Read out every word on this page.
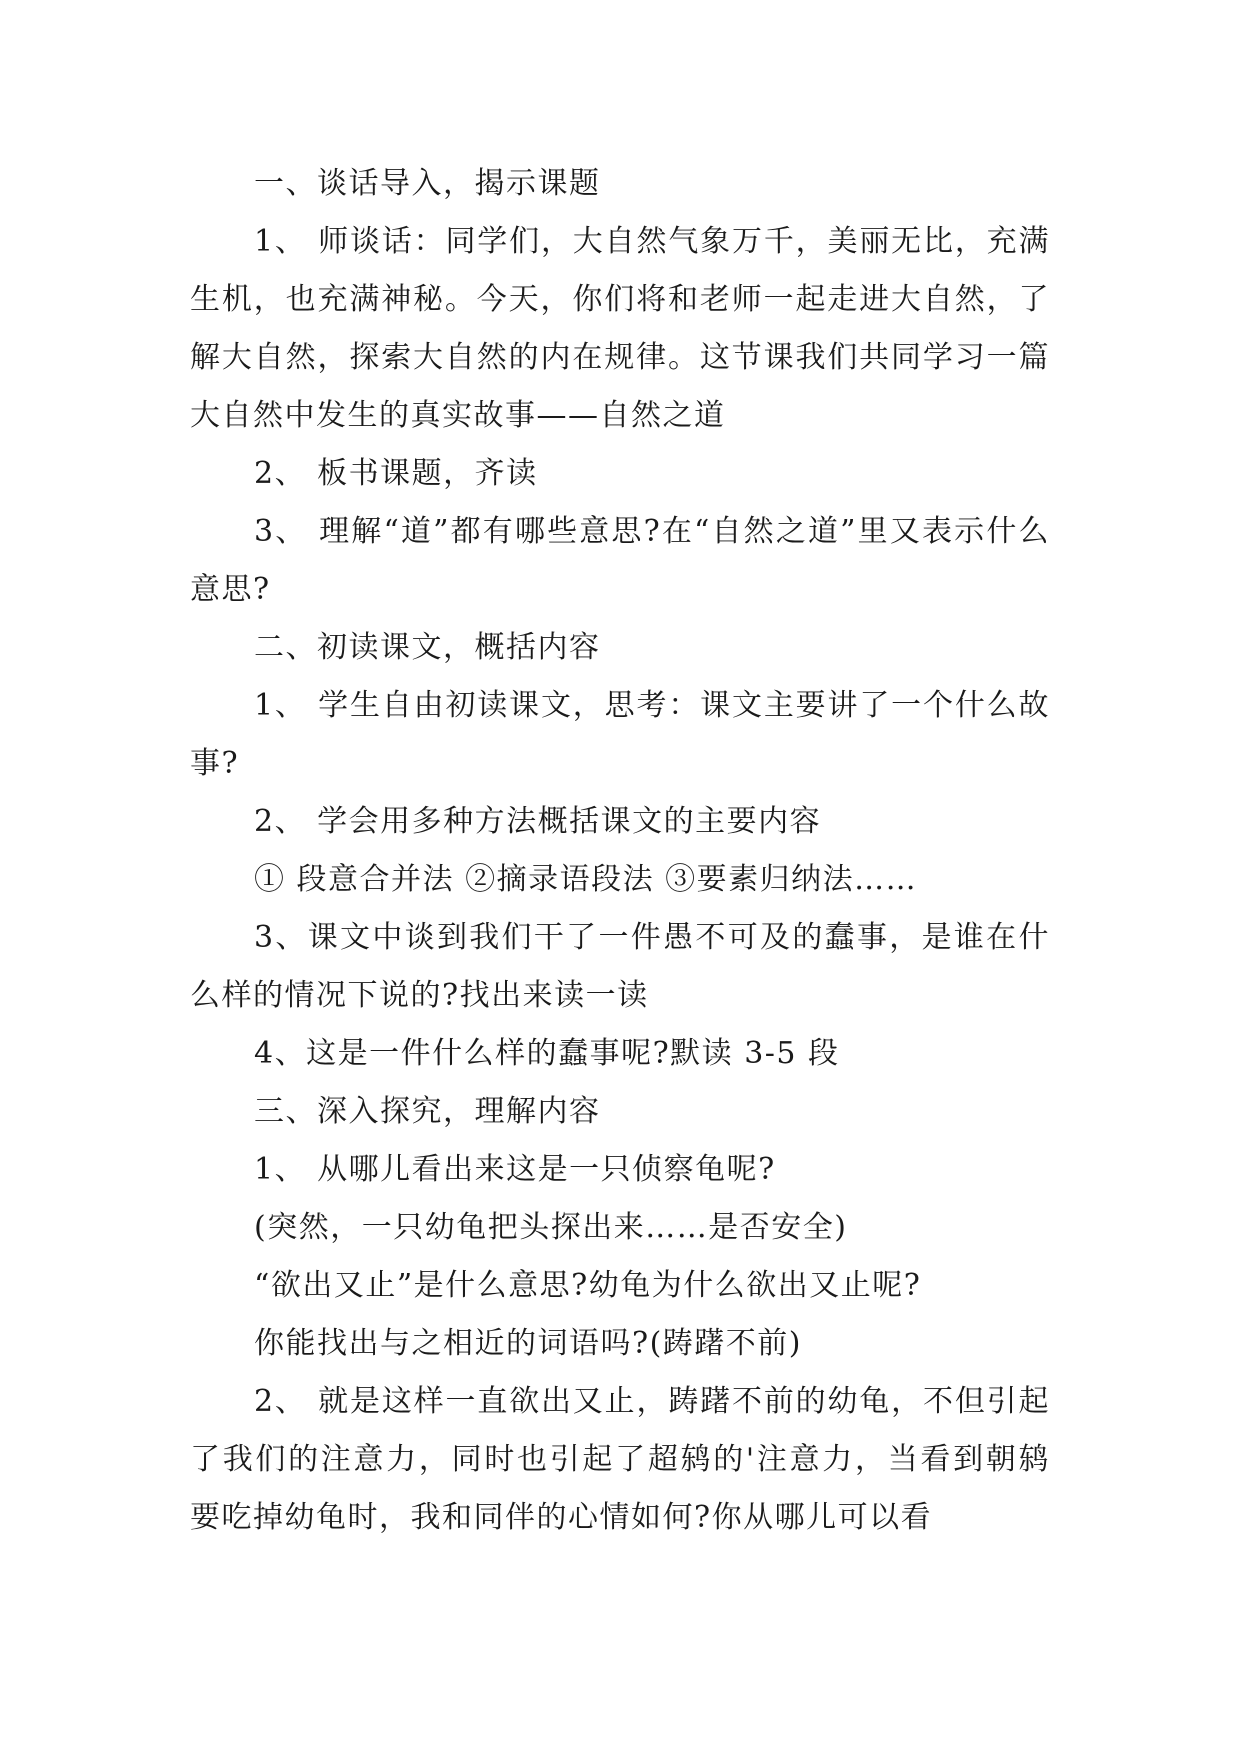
一、谈话导入，揭示课题

1、 师谈话：同学们，大自然气象万千，美丽无比，充满生机，也充满神秘。今天，你们将和老师一起走进大自然，了解大自然，探索大自然的内在规律。这节课我们共同学习一篇大自然中发生的真实故事——自然之道

2、 板书课题，齐读

3、 理解“道”都有哪些意思?在“自然之道”里又表示什么意思?

二、初读课文，概括内容

1、 学生自由初读课文，思考：课文主要讲了一个什么故事?

2、 学会用多种方法概括课文的主要内容

① 段意合并法 ②摘录语段法 ③要素归纳法……

3、课文中谈到我们干了一件愚不可及的蠢事，是谁在什么样的情况下说的?找出来读一读

4、这是一件什么样的蠢事呢?默读 3-5 段

三、深入探究，理解内容

1、 从哪儿看出来这是一只侦察龟呢?

(突然，一只幼龟把头探出来……是否安全)

“欲出又止”是什么意思?幼龟为什么欲出又止呢?

你能找出与之相近的词语吗?(踌躇不前)

2、 就是这样一直欲出又止，踌躇不前的幼龟，不但引起了我们的注意力，同时也引起了超鸫的'注意力，当看到朝鸫要吃掉幼龟时，我和同伴的心情如何?你从哪儿可以看
